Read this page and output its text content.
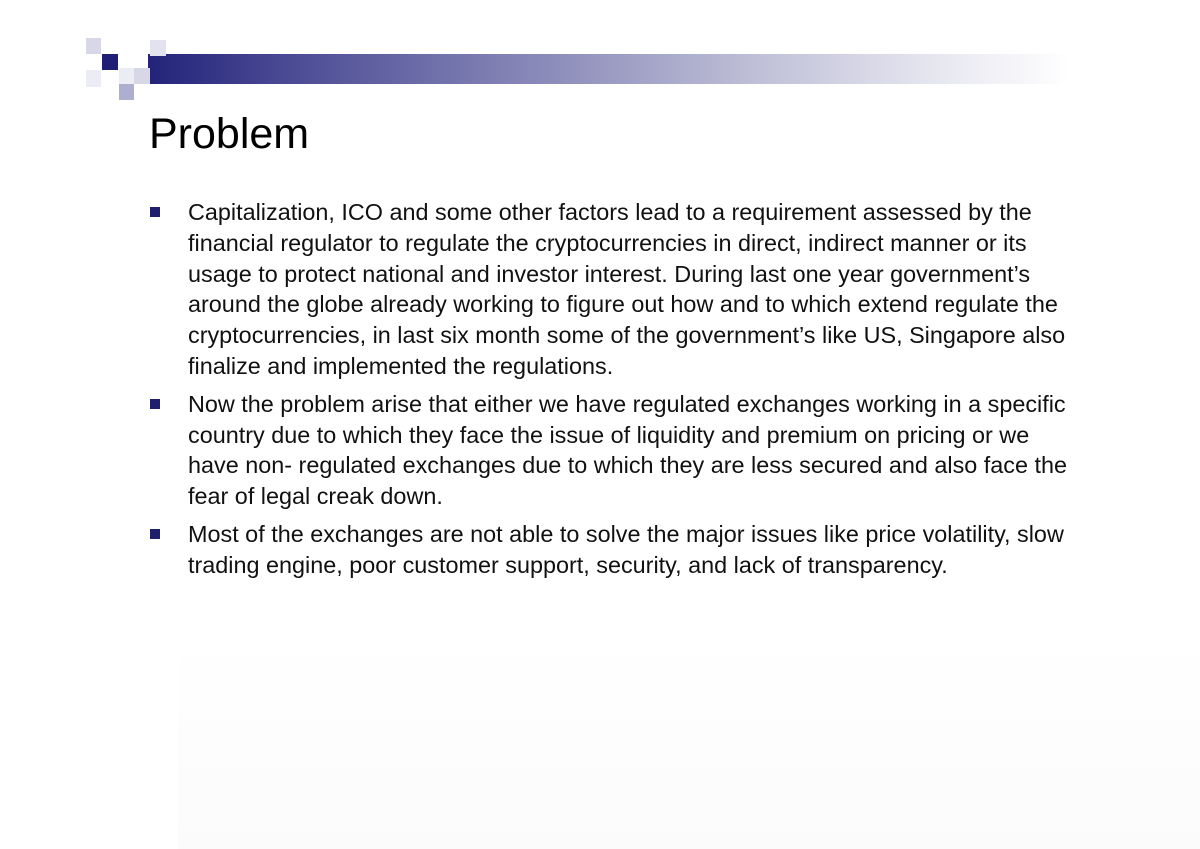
Problem
Capitalization, ICO and some other factors lead to a requirement assessed by the financial regulator to regulate the cryptocurrencies in direct, indirect manner or its usage to protect national and investor interest. During last one year government’s around the globe already working to figure out how and to which extend regulate the cryptocurrencies, in last six month some of the government’s like US, Singapore also finalize and implemented the regulations.
Now the problem arise that either we have regulated exchanges working in a specific country due to which they face the issue of liquidity and premium on pricing or we have non- regulated exchanges due to which they are less secured and also face the fear of legal creak down.
Most of the exchanges are not able to solve the major issues like price volatility, slow trading engine, poor customer support, security, and lack of transparency.
